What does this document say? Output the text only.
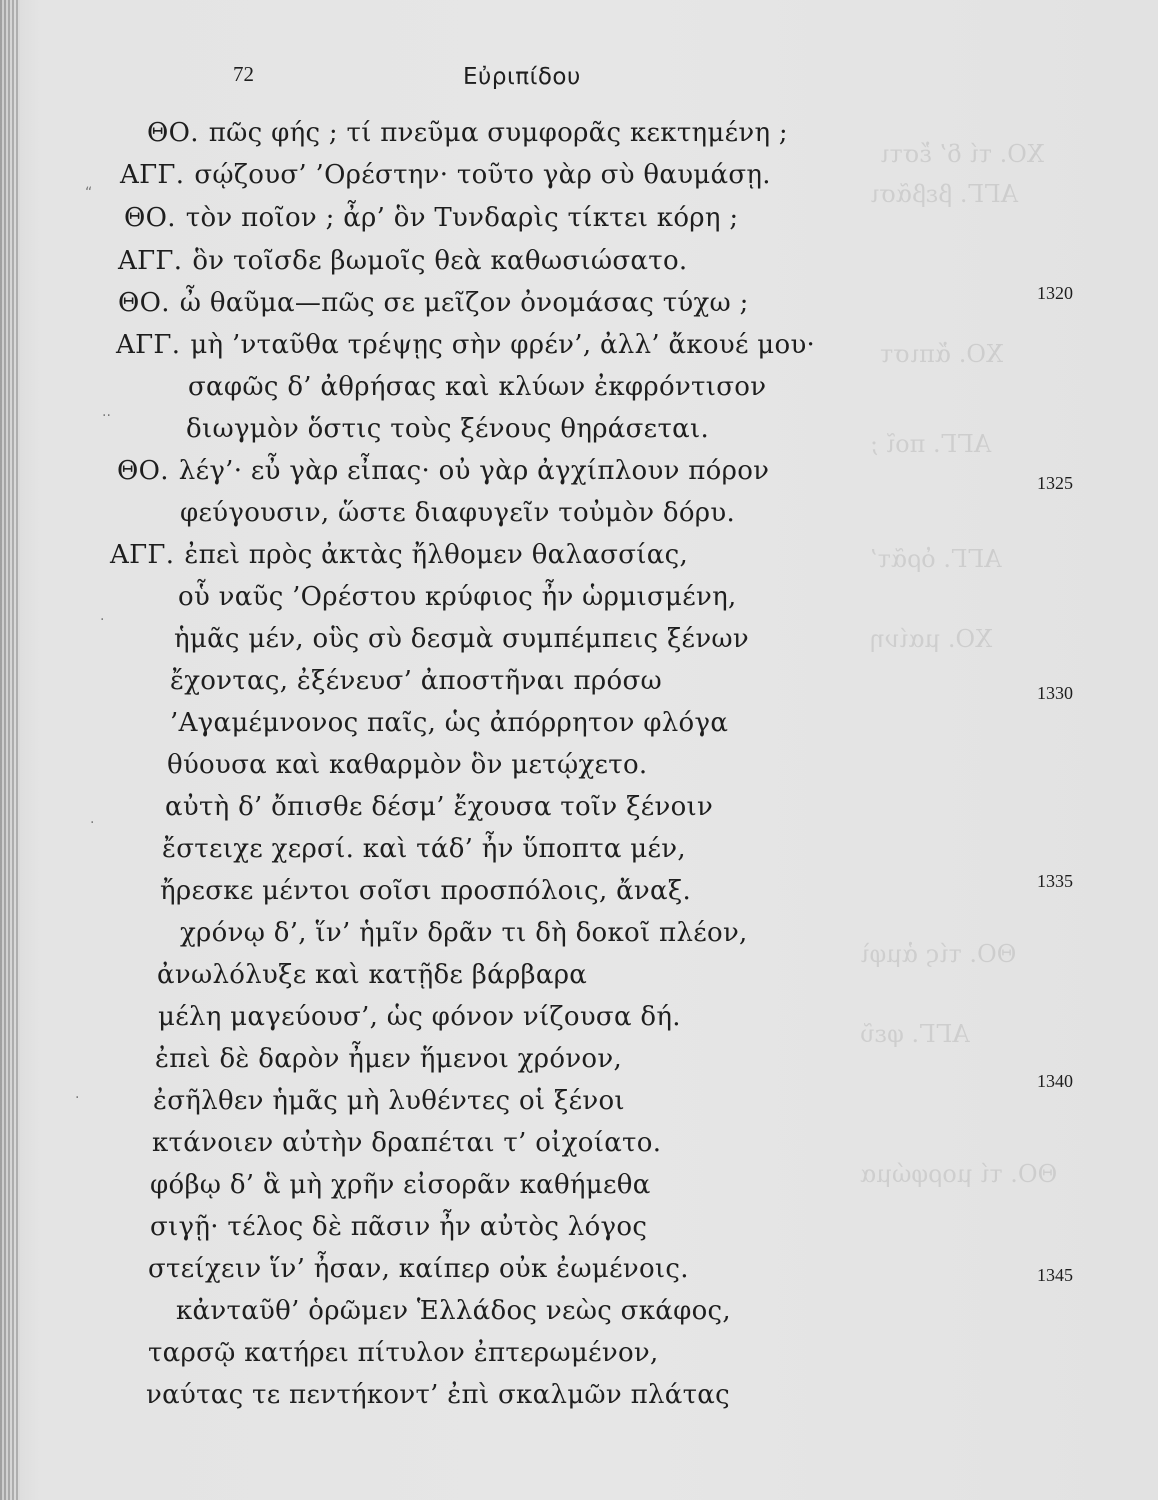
ΧΟ. τί δ’ ἔστι
ΑΓΓ. βεβᾶσι
ΧΟ. ἄπιστ
ΑΓΓ. ποῖ ;
ΑΓΓ. ὁρᾶτ’
ΧΟ. μαίνη
ΘΟ. τίς ἀμφὶ
ΑΓΓ. φεῦ
ΘΟ. τί μορφώμα
“
··
·
·
·
72	Εὐριπίδου
ΘΟ. πῶς φής ; τί πνεῦμα συμφορᾶς κεκτημένη ;
ΑΓΓ. σῴζουσ’ ’Ορέστην· τοῦτο γὰρ σὺ θαυμάσῃ.
ΘΟ. τὸν ποῖον ; ἆρ’ ὃν Τυνδαρὶς τίκτει κόρη ;
ΑΓΓ. ὃν τοῖσδε βωμοῖς θεὰ καθωσιώσατο.
ΘΟ. ὦ θαῦμα—πῶς σε μεῖζον ὀνομάσας τύχω ;
ΑΓΓ. μὴ ’νταῦθα τρέψῃς σὴν φρέν’, ἀλλ’ ἄκουέ μου·
σαφῶς δ’ ἀθρήσας καὶ κλύων ἐκφρόντισον
διωγμὸν ὅστις τοὺς ξένους θηράσεται.
ΘΟ. λέγ’· εὖ γὰρ εἶπας· οὐ γὰρ ἀγχίπλουν πόρον
φεύγουσιν, ὥστε διαφυγεῖν τοὐμὸν δόρυ.
ΑΓΓ. ἐπεὶ πρὸς ἀκτὰς ἤλθομεν θαλασσίας,
οὗ ναῦς ’Ορέστου κρύφιος ἦν ὡρμισμένη,
ἡμᾶς μέν, οὓς σὺ δεσμὰ συμπέμπεις ξένων
ἔχοντας, ἐξένευσ’ ἀποστῆναι πρόσω
’Αγαμέμνονος παῖς, ὡς ἀπόρρητον φλόγα
θύουσα καὶ καθαρμὸν ὃν μετῴχετο.
αὐτὴ δ’ ὄπισθε δέσμ’ ἔχουσα τοῖν ξένοιν
ἔστειχε χερσί. καὶ τάδ’ ἦν ὕποπτα μέν,
ἤρεσκε μέντοι σοῖσι προσπόλοις, ἄναξ.
χρόνῳ δ’, ἵν’ ἡμῖν δρᾶν τι δὴ δοκοῖ πλέον,
ἀνωλόλυξε καὶ κατῇδε βάρβαρα
μέλη μαγεύουσ’, ὡς φόνον νίζουσα δή.
ἐπεὶ δὲ δαρὸν ἦμεν ἥμενοι χρόνον,
ἐσῆλθεν ἡμᾶς μὴ λυθέντες οἱ ξένοι
κτάνοιεν αὐτὴν δραπέται τ’ οἰχοίατο.
φόβῳ δ’ ἃ μὴ χρῆν εἰσορᾶν καθήμεθα
σιγῇ· τέλος δὲ πᾶσιν ἦν αὐτὸς λόγος
στείχειν ἵν’ ἦσαν, καίπερ οὐκ ἐωμένοις.
κἀνταῦθ’ ὁρῶμεν Ἑλλάδος νεὼς σκάφος,
ταρσῷ κατήρει πίτυλον ἐπτερωμένον,
ναύτας τε πεντήκοντ’ ἐπὶ σκαλμῶν πλάτας
1320
1325
1330
1335
1340
1345
